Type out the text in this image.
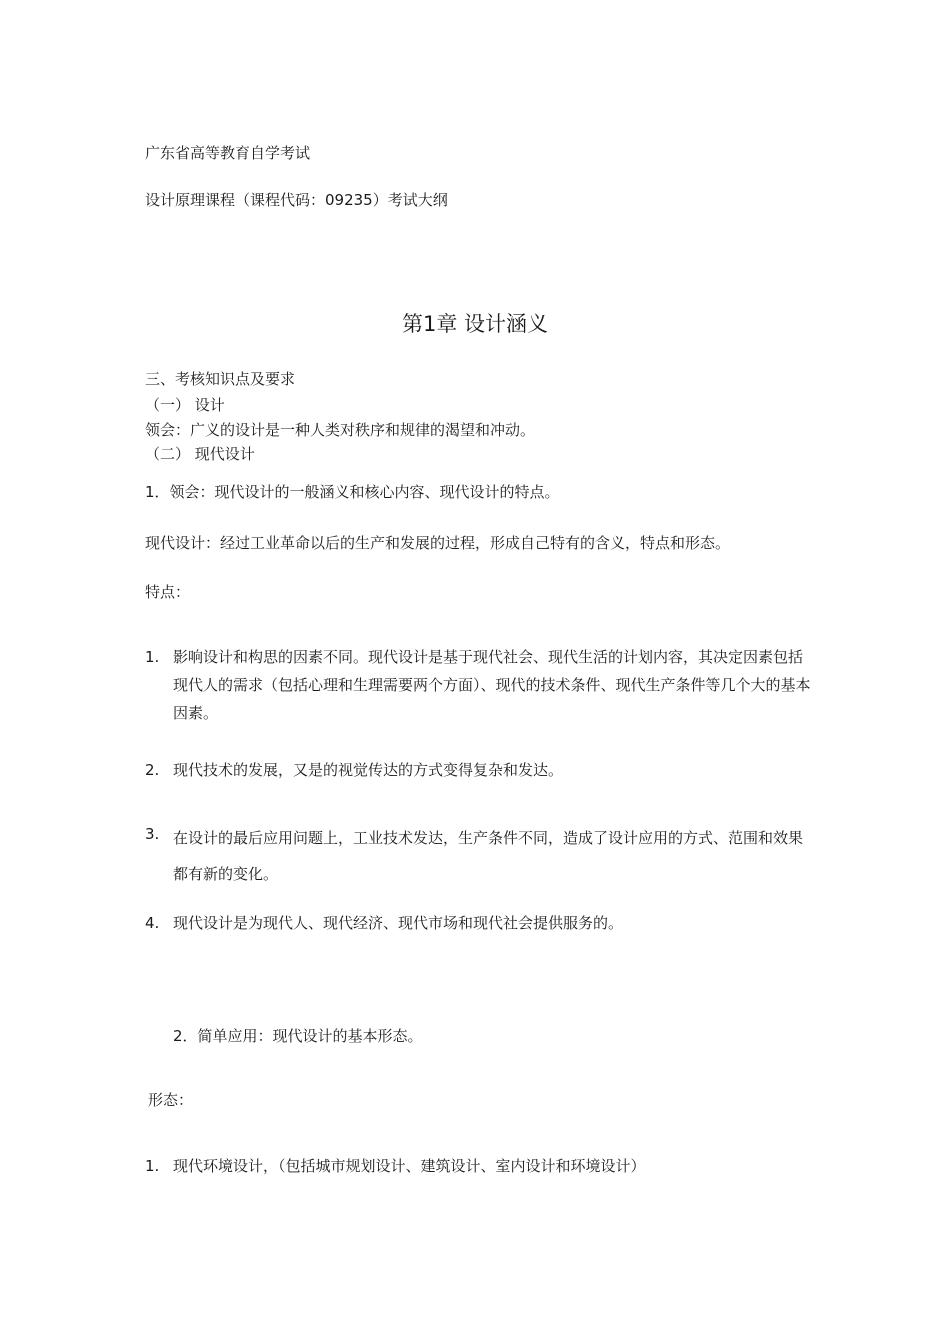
广东省高等教育自学考试
设计原理课程（课程代码：09235）考试大纲
第1章 设计涵义
三、考核知识点及要求
（一） 设计
领会：广义的设计是一种人类对秩序和规律的渴望和冲动。
（二） 现代设计
1．领会：现代设计的一般涵义和核心内容、现代设计的特点。
现代设计：经过工业革命以后的生产和发展的过程，形成自己特有的含义，特点和形态。
特点：
1. 影响设计和构思的因素不同。现代设计是基于现代社会、现代生活的计划内容，其决定因素包括现代人的需求（包括心理和生理需要两个方面）、现代的技术条件、现代生产条件等几个大的基本因素。
2. 现代技术的发展，又是的视觉传达的方式变得复杂和发达。
3. 在设计的最后应用问题上，工业技术发达，生产条件不同，造成了设计应用的方式、范围和效果都有新的变化。
4. 现代设计是为现代人、现代经济、现代市场和现代社会提供服务的。
2．简单应用：现代设计的基本形态。
形态：
1. 现代环境设计，（包括城市规划设计、建筑设计、室内设计和环境设计）
